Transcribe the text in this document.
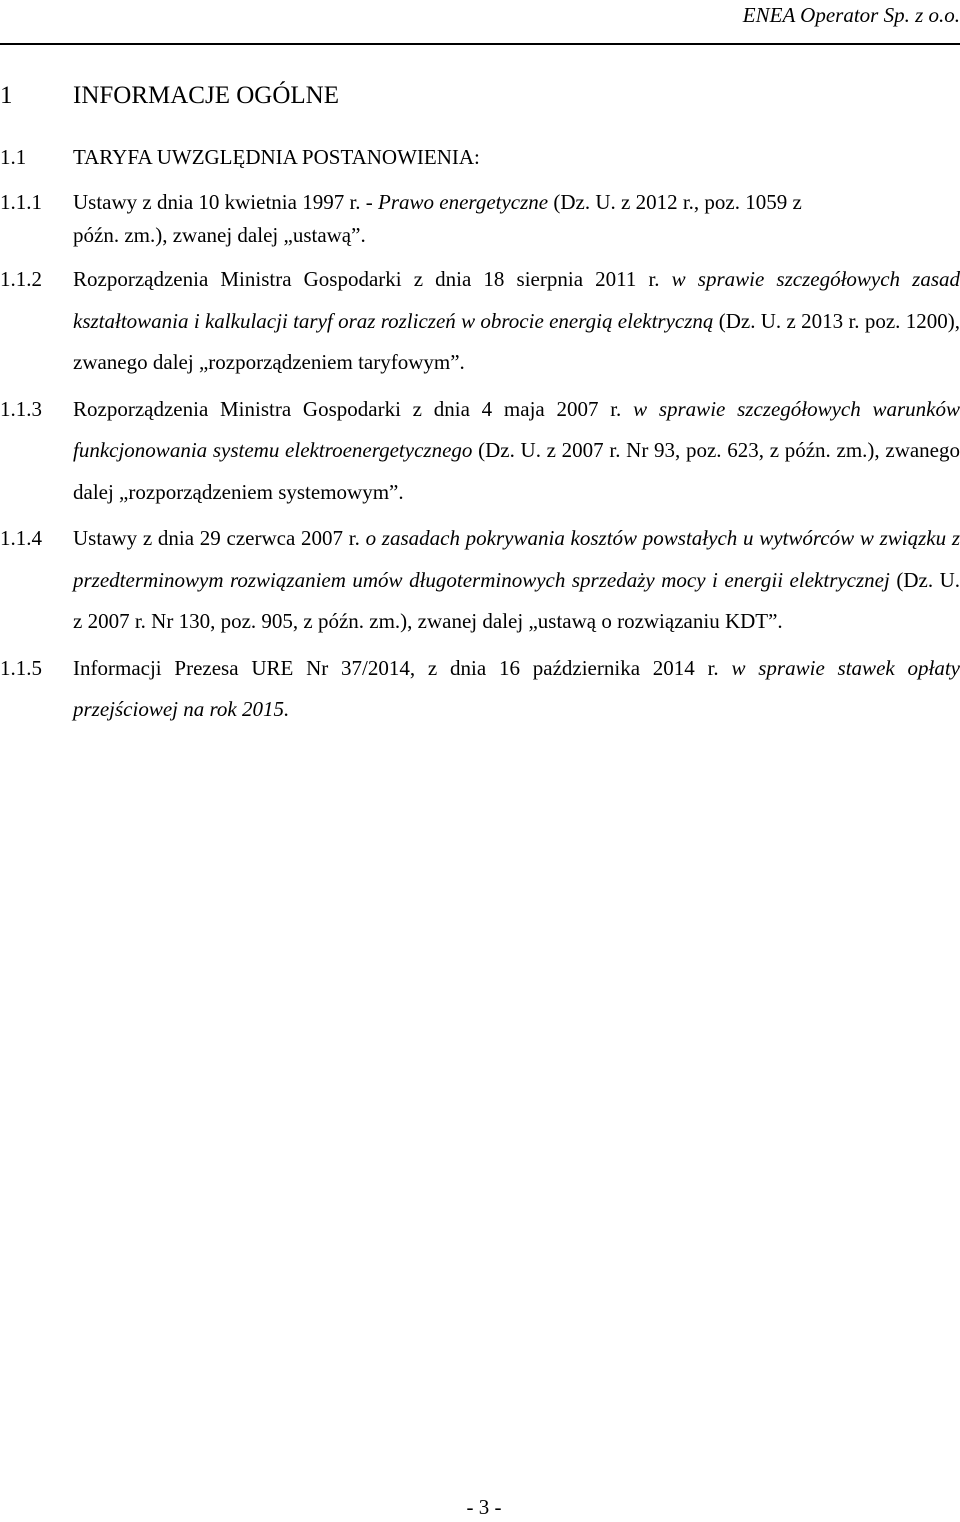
ENEA Operator Sp. z o.o.
1	INFORMACJE OGÓLNE
1.1	TARYFA UWZGLĘDNIA POSTANOWIENIA:
1.1.1	Ustawy z dnia 10 kwietnia 1997 r. - Prawo energetyczne (Dz. U. z 2012 r., poz. 1059 z
późn. zm.), zwanej dalej „ustawą”.
1.1.2	Rozporządzenia Ministra Gospodarki z dnia 18 sierpnia 2011 r. w sprawie szczegółowych zasad kształtowania i kalkulacji taryf oraz rozliczeń w obrocie energią elektryczną (Dz. U. z 2013 r. poz. 1200), zwanego dalej „rozporządzeniem taryfowym”.
1.1.3	Rozporządzenia Ministra Gospodarki z dnia 4 maja 2007 r. w sprawie szczegółowych warunków funkcjonowania systemu elektroenergetycznego (Dz. U. z 2007 r. Nr 93, poz. 623, z późn. zm.), zwanego dalej „rozporządzeniem systemowym”.
1.1.4	Ustawy z dnia 29 czerwca 2007 r. o zasadach pokrywania kosztów powstałych u wytwórców w związku z przedterminowym rozwiązaniem umów długoterminowych sprzedaży mocy i energii elektrycznej (Dz. U. z 2007 r. Nr 130, poz. 905, z późn. zm.), zwanej dalej „ustawą o rozwiązaniu KDT”.
1.1.5	Informacji Prezesa URE Nr 37/2014, z dnia 16 października 2014 r. w sprawie stawek opłaty przejściowej na rok 2015.
- 3 -
